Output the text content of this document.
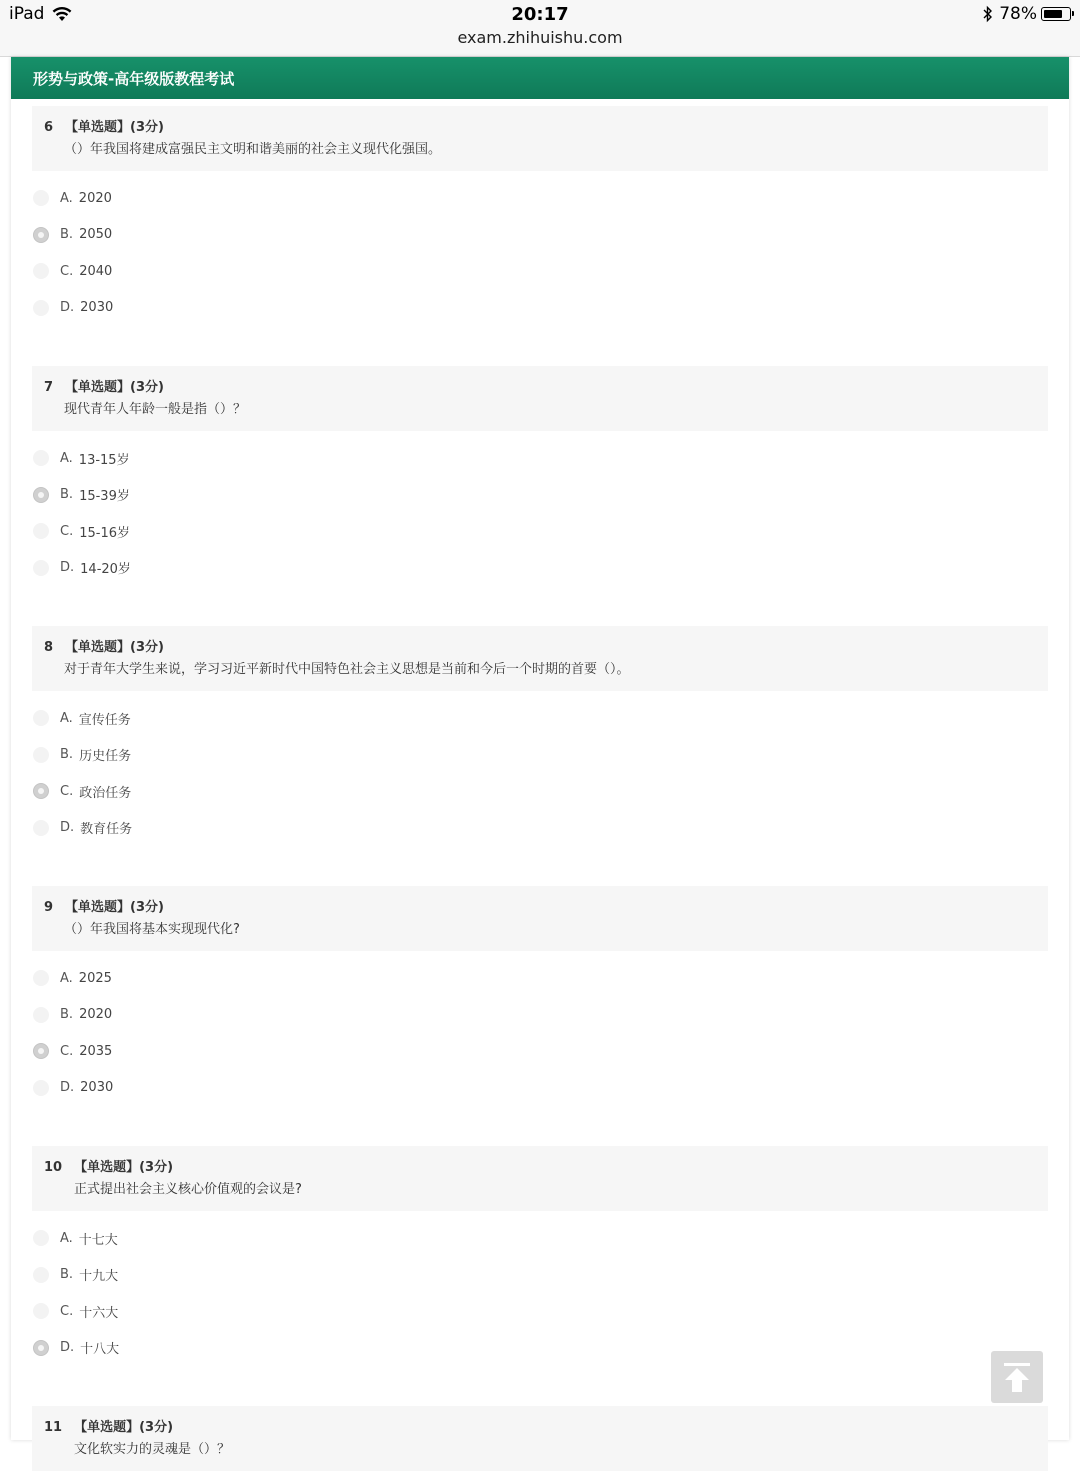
iPad	20:17
exam.zhihuishu.com
78%
形势与政策-高年级版教程考试
6 【单选题】(3分)
（）年我国将建成富强民主文明和谐美丽的社会主义现代化强国。
A. 2020
B. 2050
C. 2040
D. 2030
7 【单选题】(3分)
现代青年人年龄一般是指（）？
A. 13-15岁
B. 15-39岁
C. 15-16岁
D. 14-20岁
8 【单选题】(3分)
对于青年大学生来说，学习习近平新时代中国特色社会主义思想是当前和今后一个时期的首要（）。
A. 宣传任务
B. 历史任务
C. 政治任务
D. 教育任务
9 【单选题】(3分)
（）年我国将基本实现现代化?
A. 2025
B. 2020
C. 2035
D. 2030
10 【单选题】(3分)
正式提出社会主义核心价值观的会议是?
A. 十七大
B. 十九大
C. 十六大
D. 十八大
11 【单选题】(3分)
文化软实力的灵魂是（）？
